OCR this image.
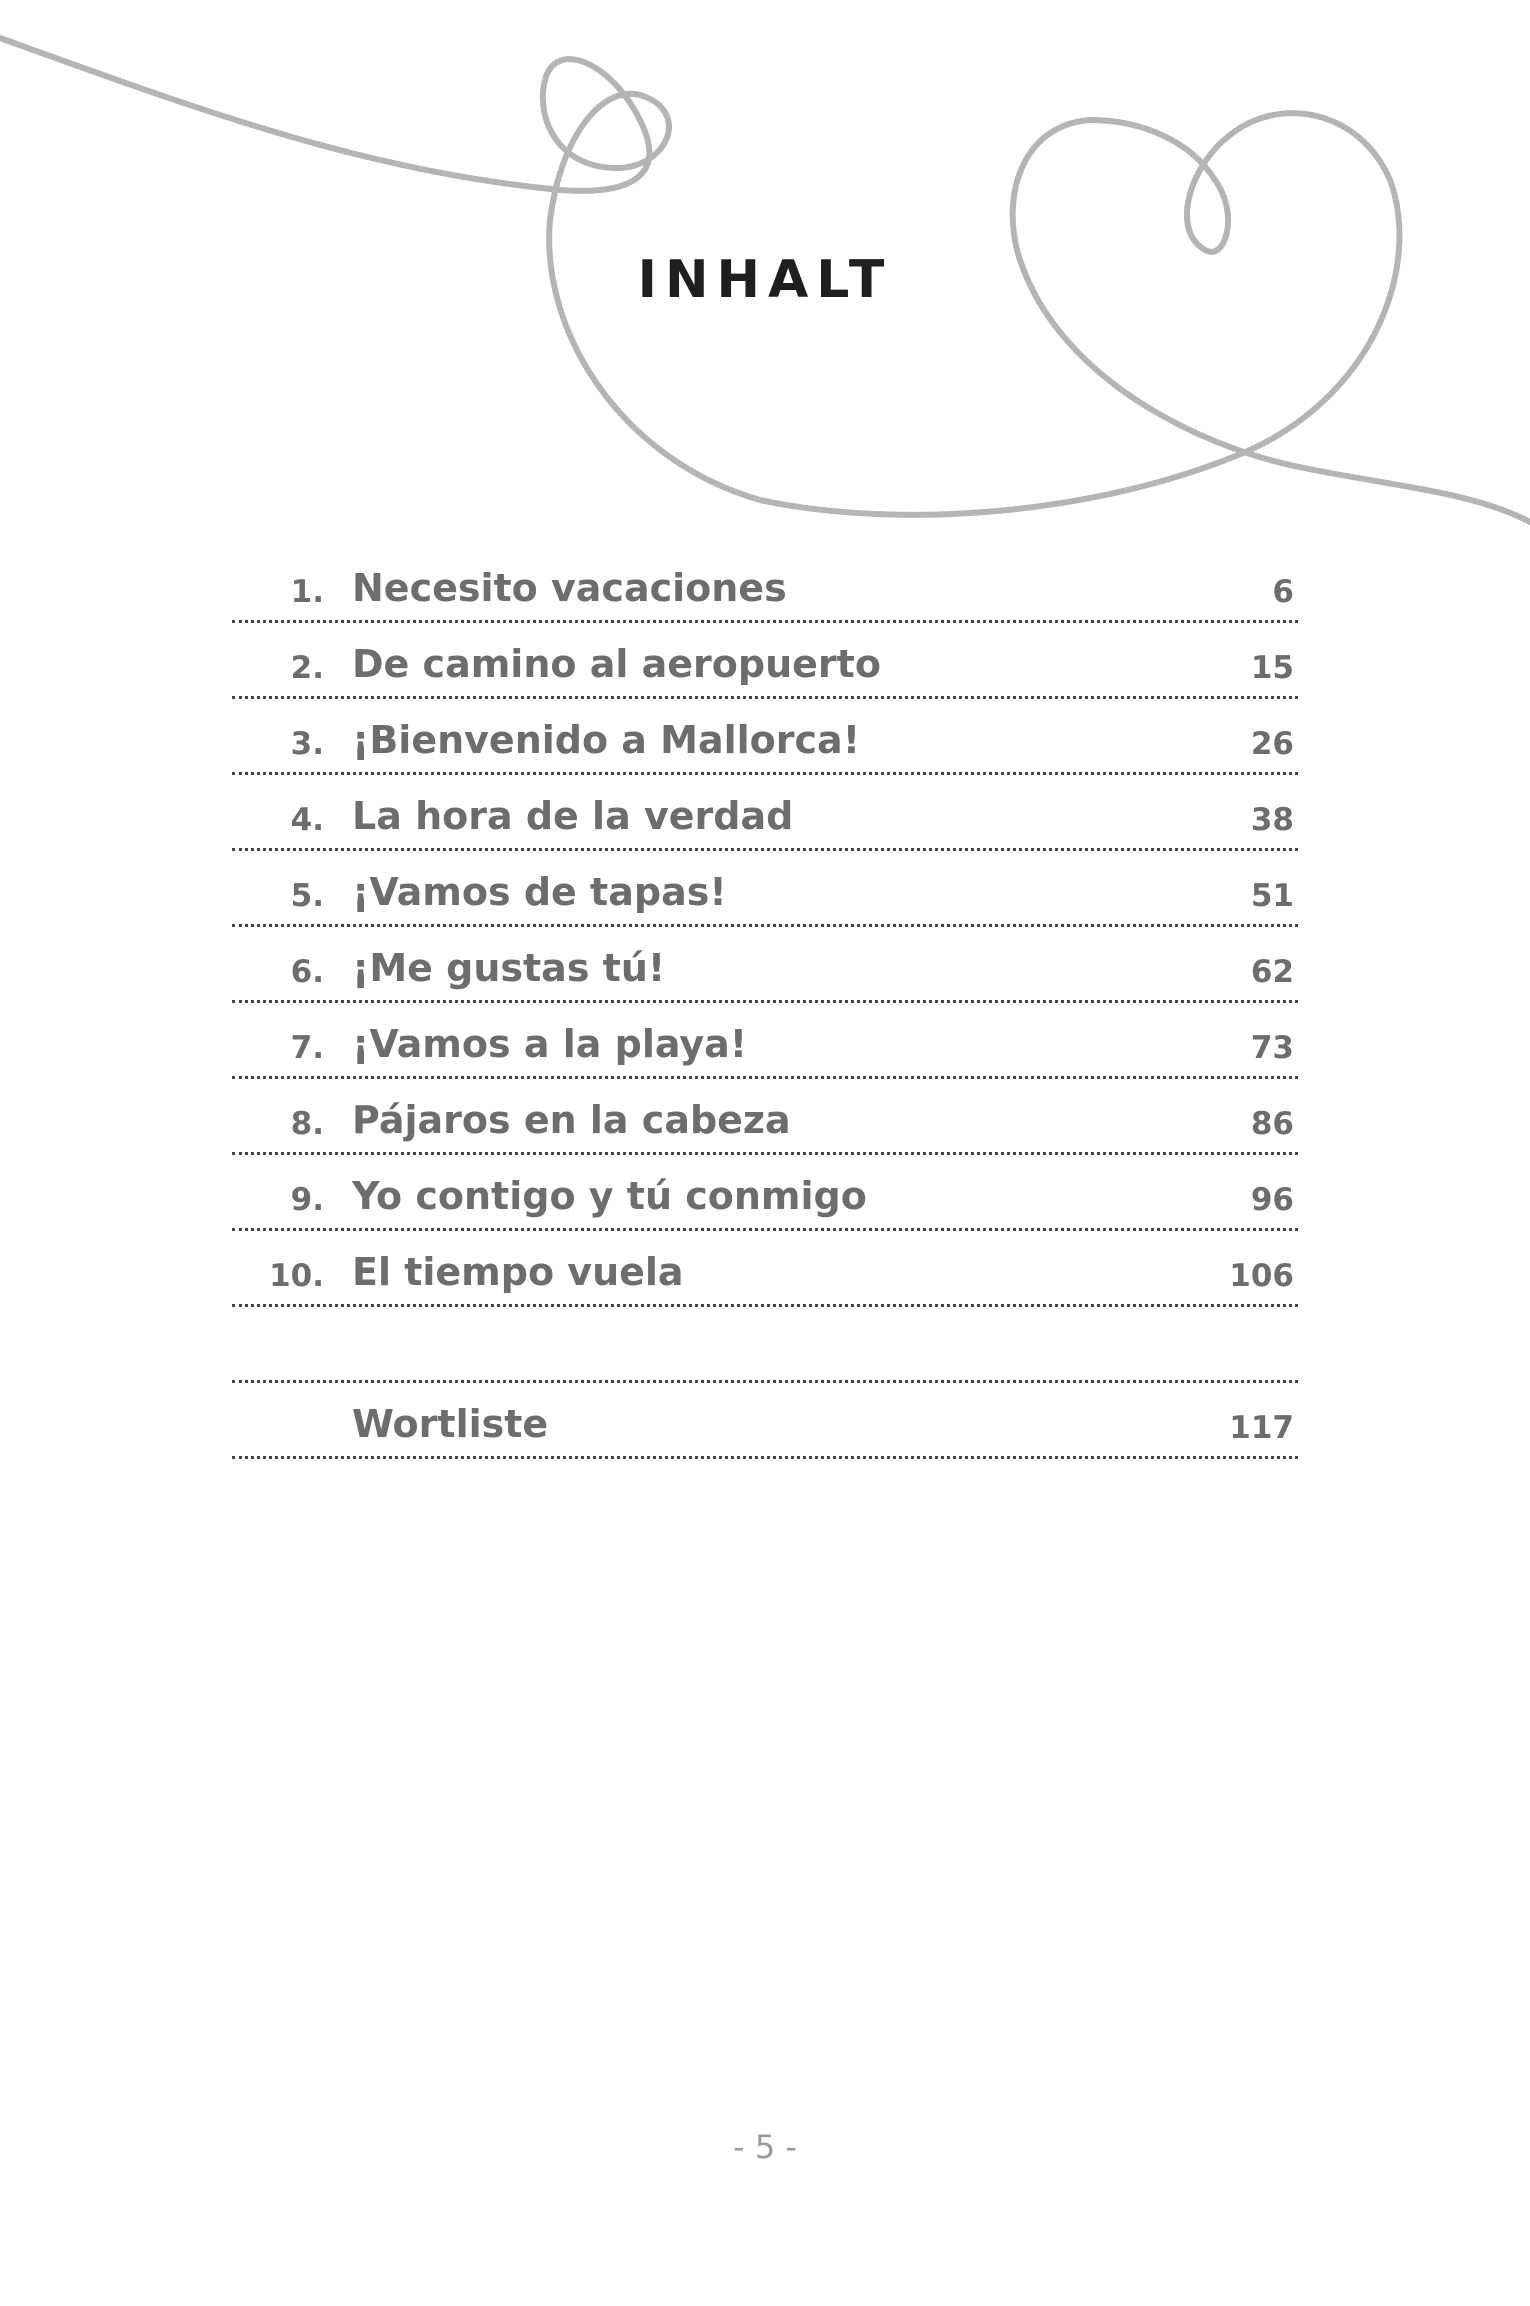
INHALT
1. Necesito vacaciones	6
2. De camino al aeropuerto	15
3. ¡Bienvenido a Mallorca!	26
4. La hora de la verdad	38
5. ¡Vamos de tapas!	51
6. ¡Me gustas tú!	62
7. ¡Vamos a la playa!	73
8. Pájaros en la cabeza	86
9. Yo contigo y tú conmigo	96
10. El tiempo vuela	106
Wortliste	117
- 5 -
